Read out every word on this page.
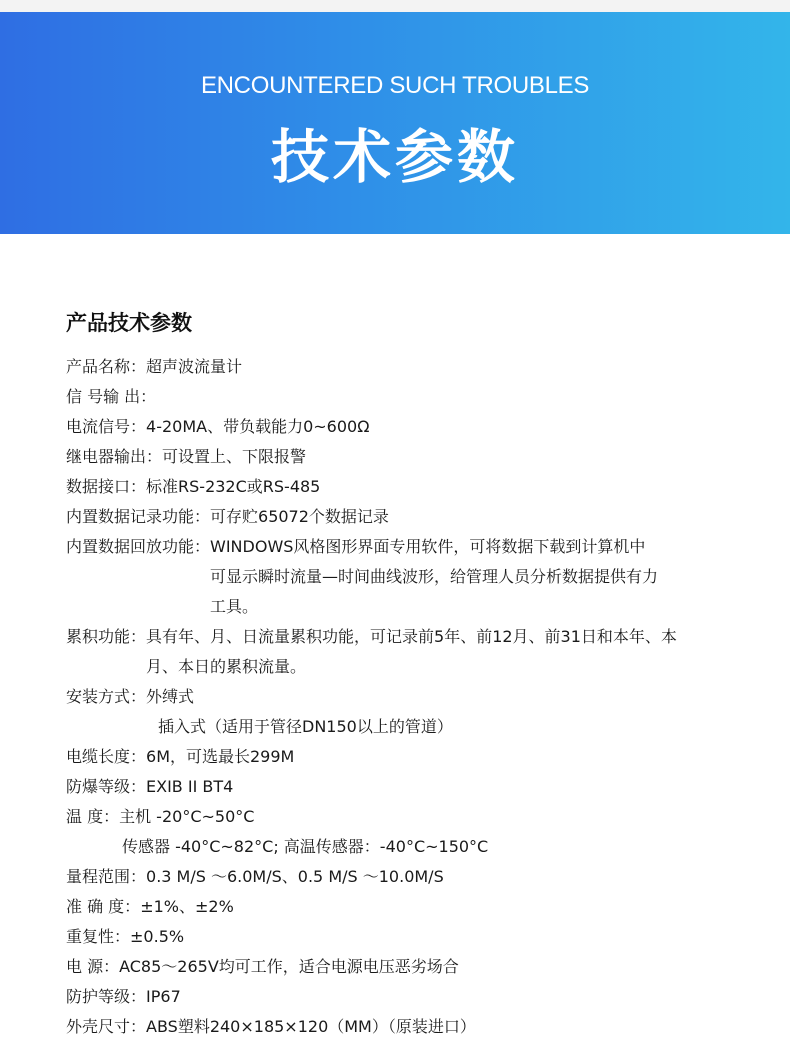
ENCOUNTERED SUCH TROUBLES
技术参数
产品技术参数
产品名称： 超声波流量计
信 号输 出：
电流信号： 4-20MA、带负载能力0~600Ω
继电器输出： 可设置上、下限报警
数据接口： 标准RS-232C或RS-485
内置数据记录功能： 可存贮65072个数据记录
内置数据回放功能： WINDOWS风格图形界面专用软件，可将数据下载到计算机中
可显示瞬时流量—时间曲线波形，给管理人员分析数据提供有力
工具。
累积功能： 具有年、月、日流量累积功能，可记录前5年、前12月、前31日和本年、本
月、本日的累积流量。
安装方式： 外缚式
插入式（适用于管径DN150以上的管道）
电缆长度： 6M，可选最长299M
防爆等级： EXIB II BT4
温 度： 主机 -20°C~50°C
传感器 -40°C~82°C; 高温传感器：-40°C~150°C
量程范围： 0.3 M/S ～6.0M/S、0.5 M/S ～10.0M/S
准 确 度： ±1%、±2%
重复性： ±0.5%
电 源： AC85～265V均可工作，适合电源电压恶劣场合
防护等级： IP67
外壳尺寸： ABS塑料240×185×120（MM）（原装进口）
